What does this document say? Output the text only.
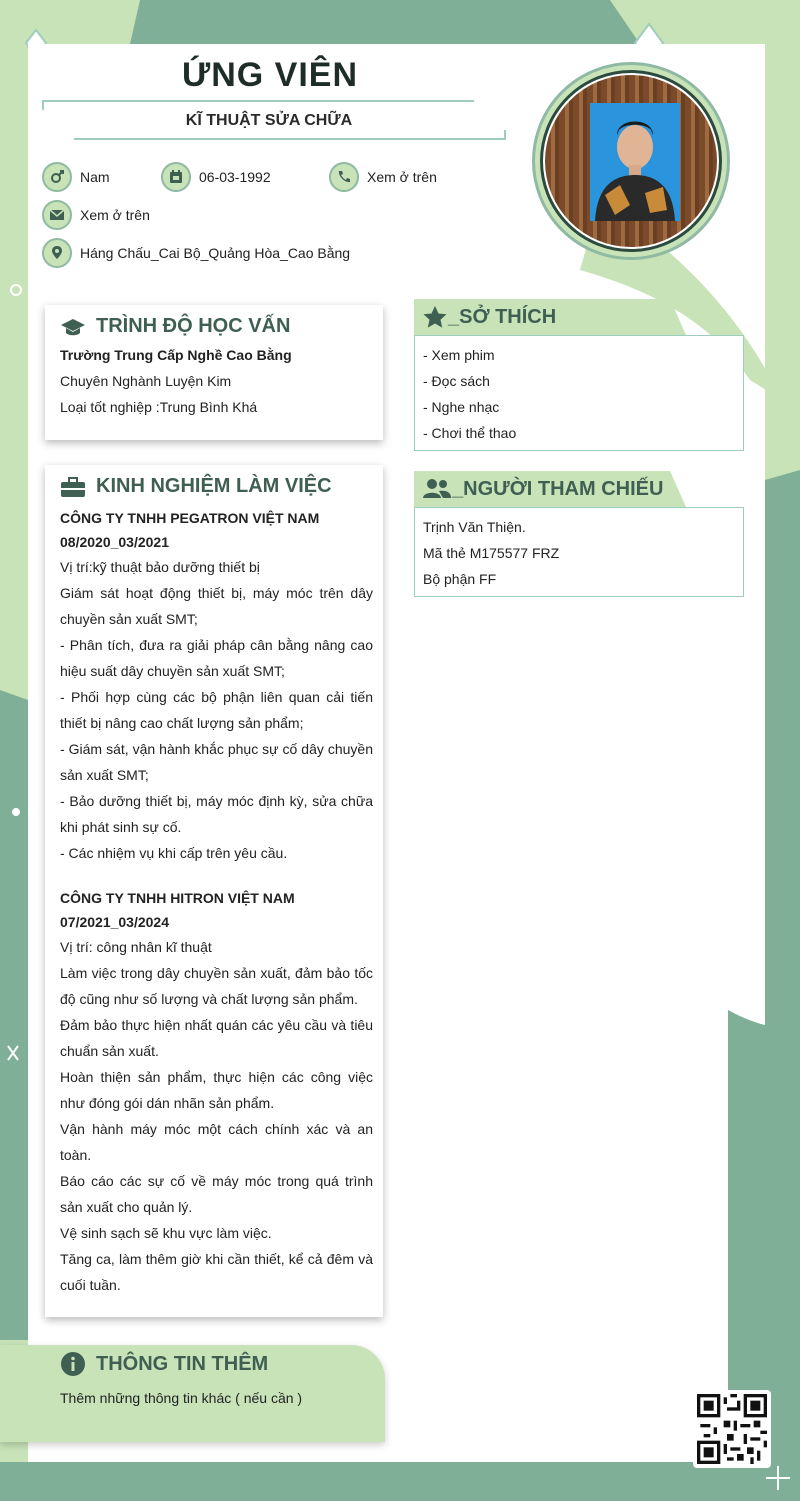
ỨNG VIÊN
KĨ THUẬT SỬA CHỮA
Nam	06-03-1992	Xem ở trên
Xem ở trên
Háng Chấu_Cai Bộ_Quảng Hòa_Cao Bằng
TRÌNH ĐỘ HỌC VẤN
Trường Trung Cấp Nghề Cao Bằng
Chuyên Nghành Luyện Kim
Loại tốt nghiệp :Trung Bình Khá
KINH NGHIỆM LÀM VIỆC
CÔNG TY TNHH PEGATRON VIỆT NAM
08/2020_03/2021
Vị trí:kỹ thuật bảo dưỡng thiết bị
Giám sát hoạt động thiết bị, máy móc trên dây chuyền sản xuất SMT;
- Phân tích, đưa ra giải pháp cân bằng nâng cao hiệu suất dây chuyền sản xuất SMT;
- Phối hợp cùng các bộ phận liên quan cải tiến thiết bị nâng cao chất lượng sản phẩm;
- Giám sát, vận hành khắc phục sự cố dây chuyền sản xuất SMT;
- Bảo dưỡng thiết bị, máy móc định kỳ, sửa chữa khi phát sinh sự cố.
- Các nhiệm vụ khi cấp trên yêu cầu.
CÔNG TY TNHH HITRON VIỆT NAM
07/2021_03/2024
Vị trí: công nhân kĩ thuật
Làm việc trong dây chuyền sản xuất, đảm bảo tốc độ cũng như số lượng và chất lượng sản phẩm.
Đảm bảo thực hiện nhất quán các yêu cầu và tiêu chuẩn sản xuất.
Hoàn thiện sản phẩm, thực hiện các công việc như đóng gói dán nhãn sản phẩm.
Vận hành máy móc một cách chính xác và an toàn.
Báo cáo các sự cố về máy móc trong quá trình sản xuất cho quản lý.
Vệ sinh sạch sẽ khu vực làm việc.
Tăng ca, làm thêm giờ khi cần thiết, kể cả đêm và cuối tuần.
_SỞ THÍCH
- Xem phim
- Đọc sách
- Nghe nhạc
- Chơi thể thao
_NGƯỜI THAM CHIẾU
Trịnh Văn Thiện.
Mã thẻ M175577 FRZ
Bộ phận FF
THÔNG TIN THÊM
Thêm những thông tin khác ( nếu cần )
